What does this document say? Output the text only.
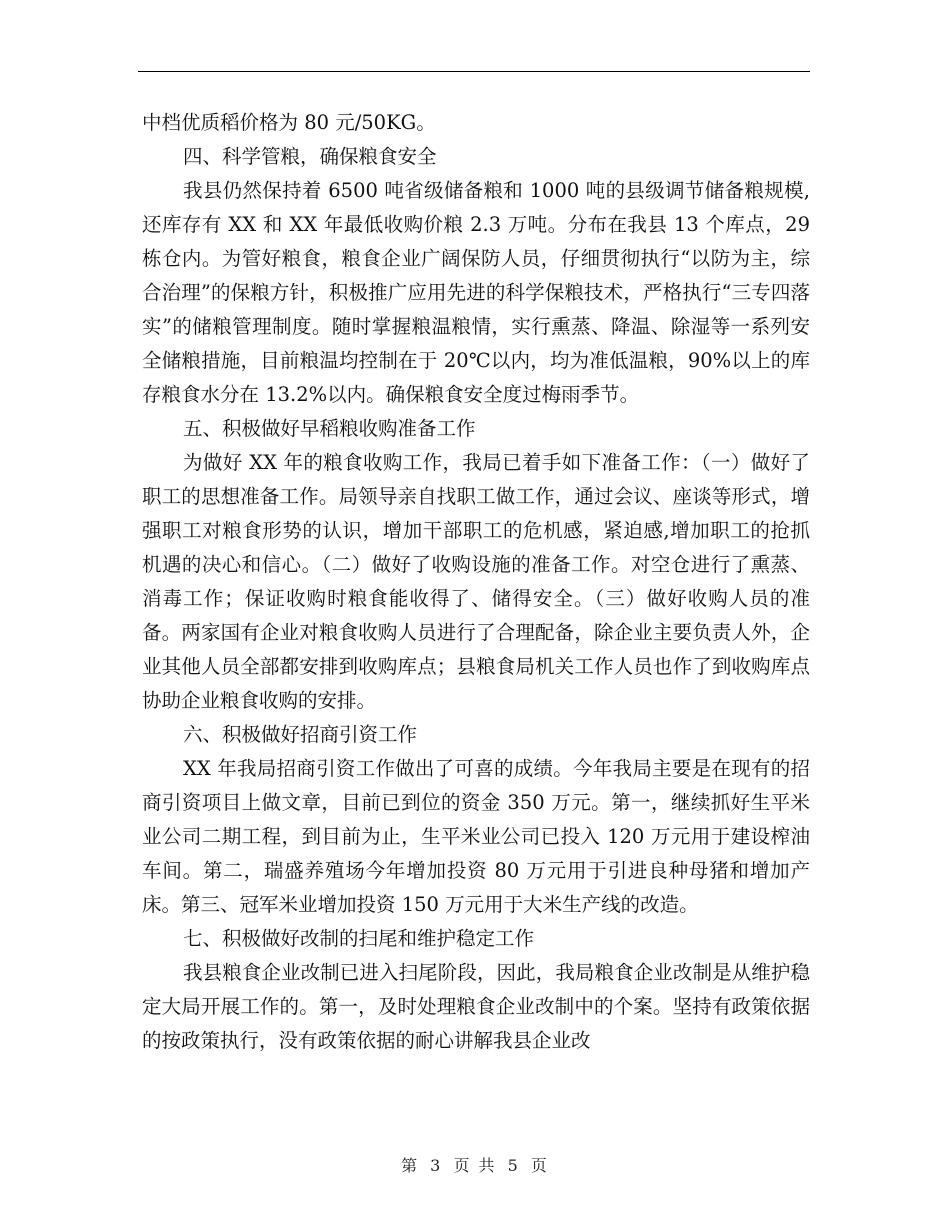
中档优质稻价格为 80 元/50KG。

四、科学管粮，确保粮食安全

我县仍然保持着 6500 吨省级储备粮和 1000 吨的县级调节储备粮规模,还库存有 XX 和 XX 年最低收购价粮 2.3 万吨。分布在我县 13 个库点，29 栋仓内。为管好粮食，粮食企业广阔保防人员，仔细贯彻执行“以防为主，综合治理”的保粮方针，积极推广应用先进的科学保粮技术，严格执行“三专四落实”的储粮管理制度。随时掌握粮温粮情，实行熏蒸、降温、除湿等一系列安全储粮措施，目前粮温均控制在于 20℃以内，均为准低温粮，90%以上的库存粮食水分在 13.2%以内。确保粮食安全度过梅雨季节。

五、积极做好早稻粮收购准备工作

为做好 XX 年的粮食收购工作，我局已着手如下准备工作：（一）做好了职工的思想准备工作。局领导亲自找职工做工作，通过会议、座谈等形式，增强职工对粮食形势的认识，增加干部职工的危机感，紧迫感,增加职工的抢抓机遇的决心和信心。（二）做好了收购设施的准备工作。对空仓进行了熏蒸、消毒工作；保证收购时粮食能收得了、储得安全。（三）做好收购人员的准备。两家国有企业对粮食收购人员进行了合理配备，除企业主要负责人外，企业其他人员全部都安排到收购库点；县粮食局机关工作人员也作了到收购库点协助企业粮食收购的安排。

六、积极做好招商引资工作

XX 年我局招商引资工作做出了可喜的成绩。今年我局主要是在现有的招商引资项目上做文章，目前已到位的资金 350 万元。第一，继续抓好生平米业公司二期工程，到目前为止，生平米业公司已投入 120 万元用于建设榨油车间。第二，瑞盛养殖场今年增加投资 80 万元用于引进良种母猪和增加产床。第三、冠军米业增加投资 150 万元用于大米生产线的改造。

七、积极做好改制的扫尾和维护稳定工作

我县粮食企业改制已进入扫尾阶段，因此，我局粮食企业改制是从维护稳定大局开展工作的。第一，及时处理粮食企业改制中的个案。坚持有政策依据的按政策执行，没有政策依据的耐心讲解我县企业改

第 3 页 共 5 页
